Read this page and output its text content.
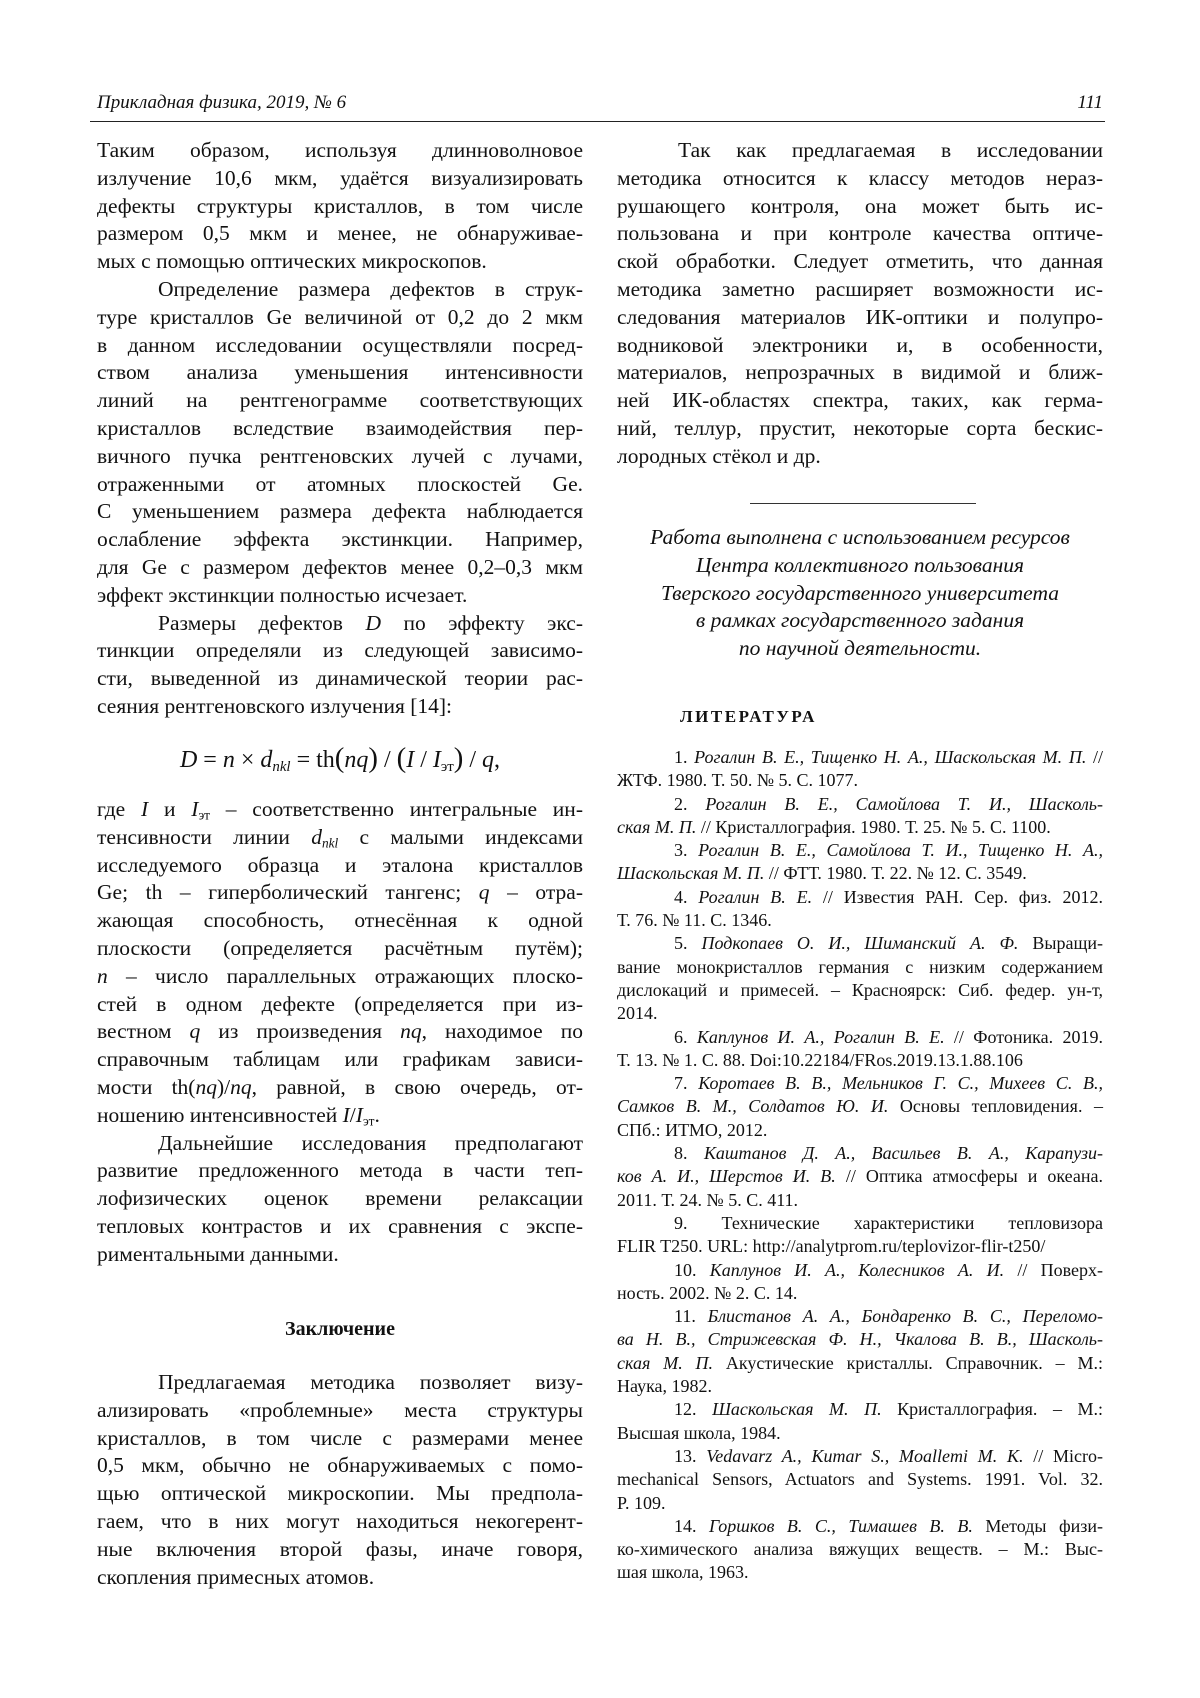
Прикладная физика, 2019, № 6	111
Таким образом, используя длинноволновое
излучение 10,6 мкм, удаётся визуализировать
дефекты структуры кристаллов, в том числе
размером 0,5 мкм и менее, не обнаруживае-
мых с помощью оптических микроскопов.
Определение размера дефектов в струк-
туре кристаллов Ge величиной от 0,2 до 2 мкм
в данном исследовании осуществляли посред-
ством анализа уменьшения интенсивности
линий на рентгенограмме соответствующих
кристаллов вследствие взаимодействия пер-
вичного пучка рентгеновских лучей с лучами,
отраженными от атомных плоскостей Ge.
С уменьшением размера дефекта наблюдается
ослабление эффекта экстинкции. Например,
для Ge с размером дефектов менее 0,2–0,3 мкм
эффект экстинкции полностью исчезает.
Размеры дефектов D по эффекту экс-
тинкции определяли из следующей зависимо-
сти, выведенной из динамической теории рас-
сеяния рентгеновского излучения [14]:
D = n × dnkl = th(nq) / (I / Iэт) / q,
где I и Iэт – соответственно интегральные ин-
тенсивности линии dnkl с малыми индексами
исследуемого образца и эталона кристаллов
Ge; th – гиперболический тангенс; q – отра-
жающая способность, отнесённая к одной
плоскости (определяется расчётным путём);
n – число параллельных отражающих плоско-
стей в одном дефекте (определяется при из-
вестном q из произведения nq, находимое по
справочным таблицам или графикам зависи-
мости th(nq)/nq, равной, в свою очередь, от-
ношению интенсивностей I/Iэт.
Дальнейшие исследования предполагают
развитие предложенного метода в части теп-
лофизических оценок времени релаксации
тепловых контрастов и их сравнения с экспе-
риментальными данными.
Заключение
Предлагаемая методика позволяет визу-
ализировать «проблемные» места структуры
кристаллов, в том числе с размерами менее
0,5 мкм, обычно не обнаруживаемых с помо-
щью оптической микроскопии. Мы предпола-
гаем, что в них могут находиться некогерент-
ные включения второй фазы, иначе говоря,
скопления примесных атомов.
Так как предлагаемая в исследовании
методика относится к классу методов нераз-
рушающего контроля, она может быть ис-
пользована и при контроле качества оптиче-
ской обработки. Следует отметить, что данная
методика заметно расширяет возможности ис-
следования материалов ИК-оптики и полупро-
водниковой электроники и, в особенности,
материалов, непрозрачных в видимой и ближ-
ней ИК-областях спектра, таких, как герма-
ний, теллур, прустит, некоторые сорта бескис-
лородных стёкол и др.
Работа выполнена с использованием ресурсов
Центра коллективного пользования
Тверского государственного университета
в рамках государственного задания
по научной деятельности.
ЛИТЕРАТУРА
1. Рогалин В. Е., Тищенко Н. А., Шаскольская М. П. //
ЖТФ. 1980. Т. 50. № 5. С. 1077.
2. Рогалин В. Е., Самойлова Т. И., Шасколь-
ская М. П. // Кристаллография. 1980. Т. 25. № 5. С. 1100.
3. Рогалин В. Е., Самойлова Т. И., Тищенко Н. А.,
Шаскольская М. П. // ФТТ. 1980. Т. 22. № 12. С. 3549.
4. Рогалин В. Е. // Известия РАН. Сер. физ. 2012.
Т. 76. № 11. С. 1346.
5. Подкопаев О. И., Шиманский А. Ф. Выращи-
вание монокристаллов германия с низким содержанием
дислокаций и примесей. – Красноярск: Сиб. федер. ун-т,
2014.
6. Каплунов И. А., Рогалин В. Е. // Фотоника. 2019.
Т. 13. № 1. С. 88. Doi:10.22184/FRos.2019.13.1.88.106
7. Коротаев В. В., Мельников Г. С., Михеев С. В.,
Самков В. М., Солдатов Ю. И. Основы тепловидения. –
СПб.: ИТМО, 2012.
8. Каштанов Д. А., Васильев В. А., Карапузи-
ков А. И., Шерстов И. В. // Оптика атмосферы и океана.
2011. Т. 24. № 5. С. 411.
9. Технические характеристики тепловизора
FLIR T250. URL: http://analytprom.ru/teplovizor-flir-t250/
10. Каплунов И. А., Колесников А. И. // Поверх-
ность. 2002. № 2. С. 14.
11. Блистанов А. А., Бондаренко В. С., Переломо-
ва Н. В., Стрижевская Ф. Н., Чкалова В. В., Шасколь-
ская М. П. Акустические кристаллы. Справочник. – М.:
Наука, 1982.
12. Шаскольская М. П. Кристаллография. – М.:
Высшая школа, 1984.
13. Vedavarz A., Kumar S., Moallemi M. K. // Micro-
mechanical Sensors, Actuators and Systems. 1991. Vol. 32.
P. 109.
14. Горшков В. С., Тимашев В. В. Методы физи-
ко-химического анализа вяжущих веществ. – М.: Выс-
шая школа, 1963.
